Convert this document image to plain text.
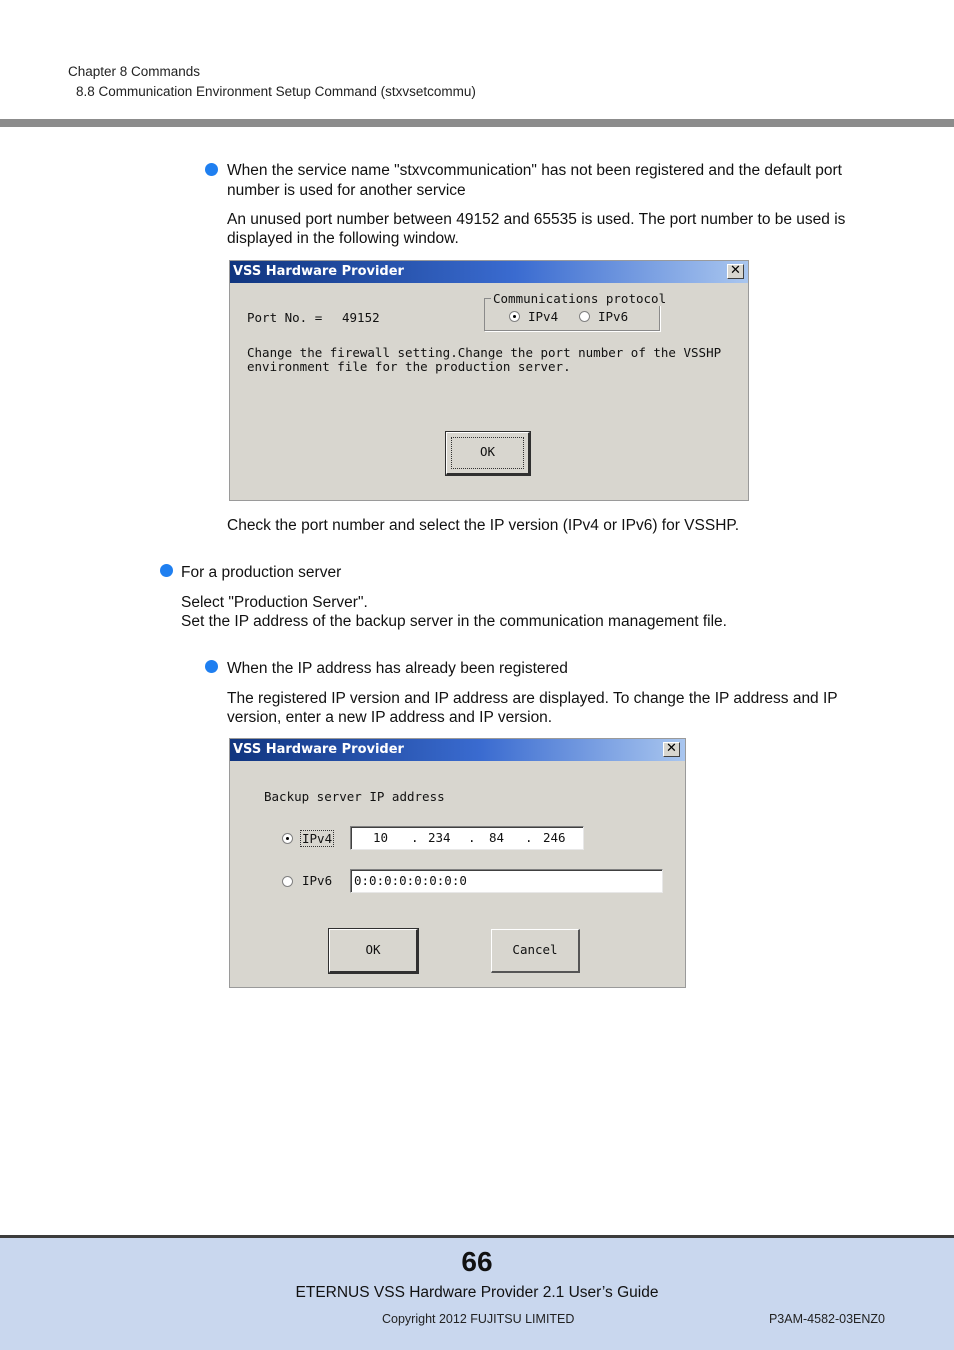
Chapter 8 Commands
8.8 Communication Environment Setup Command (stxvsetcommu)
When the service name "stxvcommunication" has not been registered and the default port
number is used for another service
An unused port number between 49152 and 65535 is used. The port number to be used is
displayed in the following window.
VSS Hardware Provider	✕
Port No. = 49152
Communications protocol
IPv4	IPv6
Change the firewall setting.Change the port number of the VSSHP
environment file for the production server.
OK
Check the port number and select the IP version (IPv4 or IPv6) for VSSHP.
For a production server
Select "Production Server".
Set the IP address of the backup server in the communication management file.
When the IP address has already been registered
The registered IP version and IP address are displayed. To change the IP address and IP
version, enter a new IP address and IP version.
VSS Hardware Provider	✕
Backup server IP address
IPv4	10 . 234 . 84 . 246
IPv6 0:0:0:0:0:0:0:0
OK	Cancel
66
ETERNUS VSS Hardware Provider 2.1 User’s Guide
Copyright 2012 FUJITSU LIMITED	P3AM-4582-03ENZ0
